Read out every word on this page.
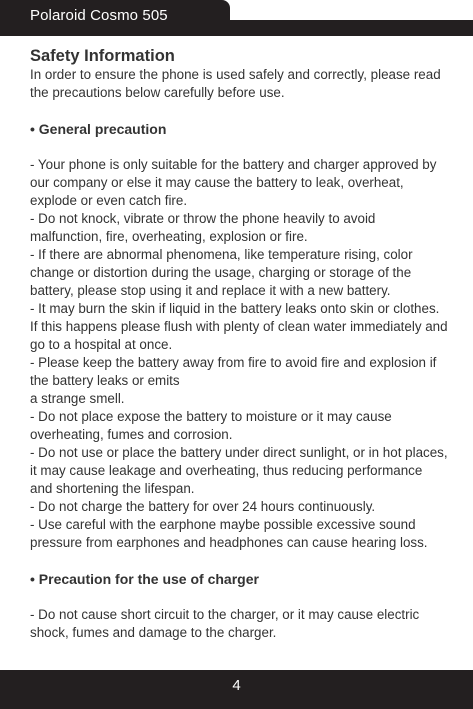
Polaroid Cosmo 505
Safety Information

In order to ensure the phone is used safely and correctly, please read the precautions below carefully before use.

• General precaution

- Your phone is only suitable for the battery and charger approved by our company or else it may cause the battery to leak, overheat, explode or even catch fire.

- Do not knock, vibrate or throw the phone heavily to avoid malfunction, fire, overheating, explosion or fire.

- If there are abnormal phenomena, like temperature rising, color change or distortion during the usage, charging or storage of the battery, please stop using it and replace it with a new battery.

- It may burn the skin if liquid in the battery leaks onto skin or clothes. If this happens please flush with plenty of clean water immediately and go to a hospital at once.

- Please keep the battery away from fire to avoid fire and explosion if the battery leaks or emits

a strange smell.

- Do not place expose the battery to moisture or it may cause overheating, fumes and corrosion.

- Do not use or place the battery under direct sunlight, or in hot places, it may cause leakage and overheating, thus reducing performance and shortening the lifespan.

- Do not charge the battery for over 24 hours continuously.

- Use careful with the earphone maybe possible excessive sound pressure from earphones and headphones can cause hearing loss.

• Precaution for the use of charger

- Do not cause short circuit to the charger, or it may cause electric shock, fumes and damage to the charger.

4
